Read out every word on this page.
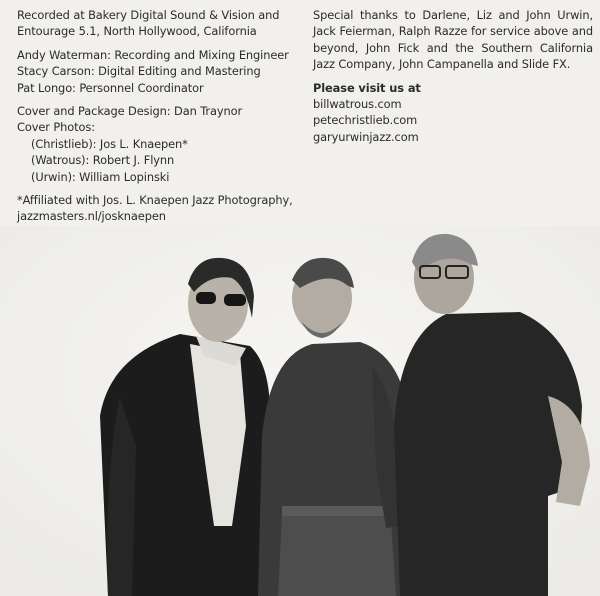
Recorded at Bakery Digital Sound & Vision and
Entourage 5.1, North Hollywood, California
Andy Waterman: Recording and Mixing Engineer
Stacy Carson: Digital Editing and Mastering
Pat Longo: Personnel Coordinator
Cover and Package Design: Dan Traynor
Cover Photos:
(Christlieb): Jos L. Knaepen*
(Watrous): Robert J. Flynn
(Urwin): William Lopinski
*Affiliated with Jos. L. Knaepen Jazz Photography,
jazzmasters.nl/josknaepen
Special thanks to Darlene, Liz and John Urwin, Jack Feierman, Ralph Razze for service above and beyond, John Fick and the Southern California Jazz Company, John Campanella and Slide FX.
Please visit us at
billwatrous.com
petechristlieb.com
garyurwinjazz.com
